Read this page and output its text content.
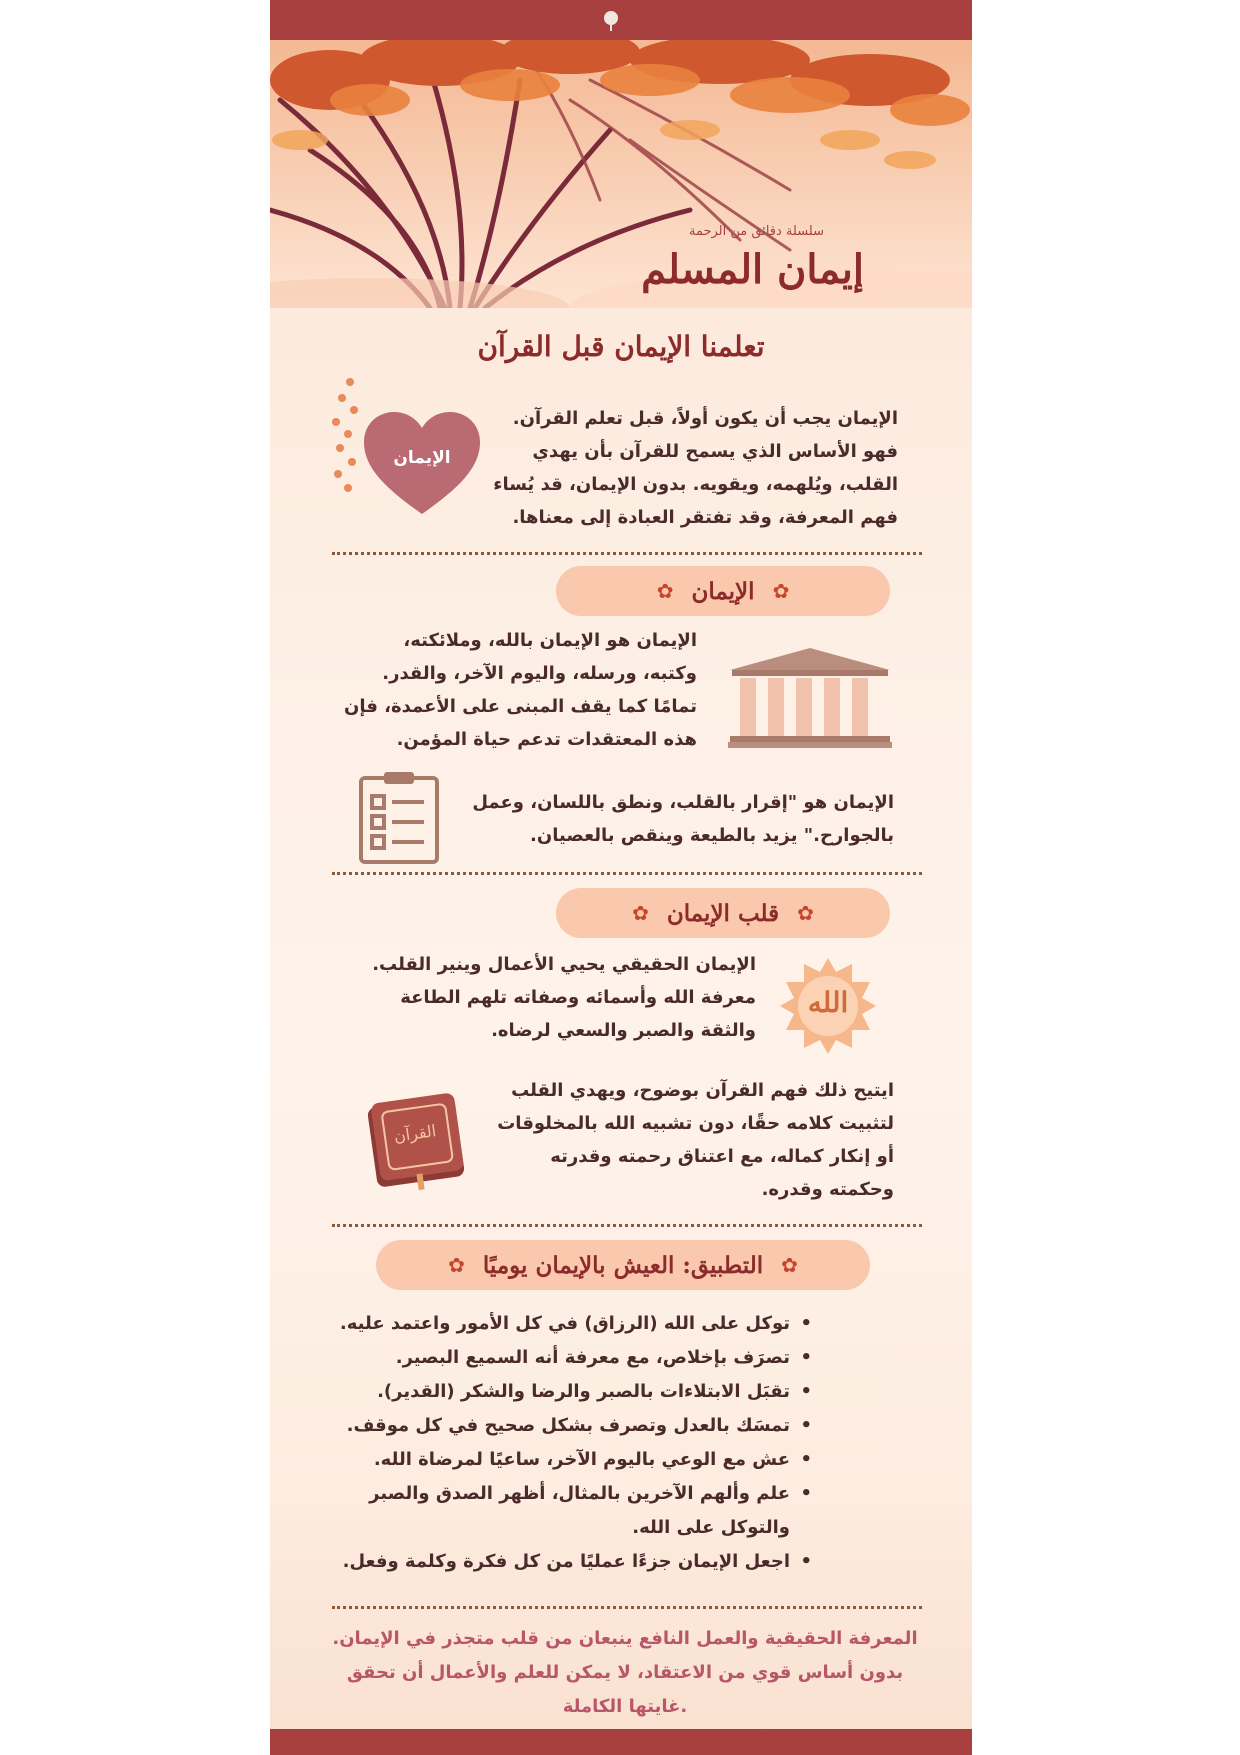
سلسلة دقائق من الرحمة
إيمان المسلم
تعلمنا الإيمان قبل القرآن
الإيمان
الإيمان يجب أن يكون أولاً، قبل تعلم القرآن.
فهو الأساس الذي يسمح للقرآن بأن يهدي
القلب، ويُلهمه، ويقويه. بدون الإيمان، قد يُساء
فهم المعرفة، وقد تفتقر العبادة إلى معناها.
✿
الإيمان
✿
الإيمان هو الإيمان بالله، وملائكته،
وكتبه، ورسله، واليوم الآخر، والقدر.
تمامًا كما يقف المبنى على الأعمدة، فإن
هذه المعتقدات تدعم حياة المؤمن.
الإيمان هو "إقرار بالقلب، ونطق باللسان، وعمل
بالجوارح." يزيد بالطيعة وينقص بالعصيان.
✿
قلب الإيمان
✿
الإيمان الحقيقي يحيي الأعمال وينير القلب.
معرفة الله وأسمائه وصفاته تلهم الطاعة
والثقة والصبر والسعي لرضاه.
الله
القرآن
ايتيح ذلك فهم القرآن بوضوح، ويهدي القلب
لتثبيت كلامه حقًا، دون تشبيه الله بالمخلوقات
أو إنكار كماله، مع اعتناق رحمته وقدرته
وحكمته وقدره.
✿
التطبيق: العيش بالإيمان يوميًا
✿
• توكل على الله (الرزاق) في كل الأمور واعتمد عليه.
• تصرَف بإخلاص، مع معرفة أنه السميع البصير.
• تقبَل الابتلاءات بالصبر والرضا والشكر (القدير).
• تمسَك بالعدل وتصرف بشكل صحيح في كل موقف.
• عش مع الوعي باليوم الآخر، ساعيًا لمرضاة الله.
• علم وألهم الآخرين بالمثال، أظهر الصدق والصبر والتوكل على الله.
• اجعل الإيمان جزءًا عمليًا من كل فكرة وكلمة وفعل.
المعرفة الحقيقية والعمل النافع ينبعان من قلب متجذر في الإيمان.
بدون أساس قوي من الاعتقاد، لا يمكن للعلم والأعمال أن تحقق
.غايتها الكاملة
